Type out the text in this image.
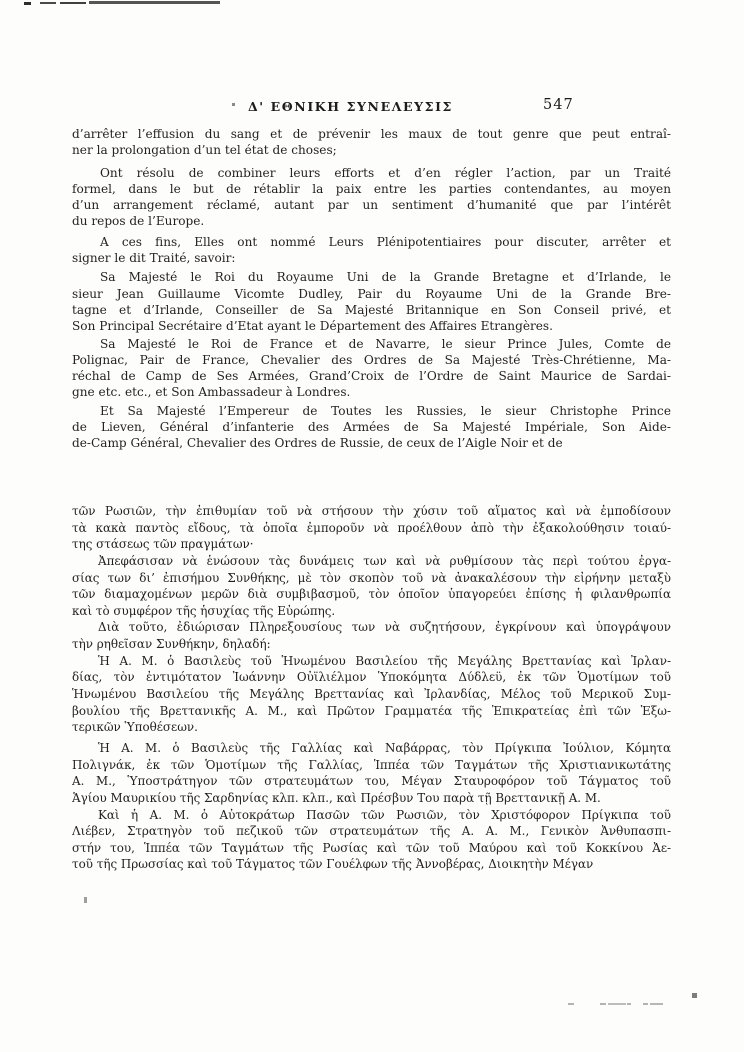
Δ' ΕΘΝΙΚΗ ΣΥΝΕΛΕΥΣΙΣ	547
d’arrêter l’effusion du sang et de prévenir les maux de tout genre que peut entraî-
ner la prolongation d’un tel état de choses;
Ont résolu de combiner leurs efforts et d’en régler l’action, par un Traité
formel, dans le but de rétablir la paix entre les parties contendantes, au moyen
d’un arrangement réclamé, autant par un sentiment d’humanité que par l’intérêt
du repos de l’Europe.
A ces fins, Elles ont nommé Leurs Plénipotentiaires pour discuter, arrêter et
signer le dit Traité, savoir:
Sa Majesté le Roi du Royaume Uni de la Grande Bretagne et d’Irlande, le
sieur Jean Guillaume Vicomte Dudley, Pair du Royaume Uni de la Grande Bre-
tagne et d’Irlande, Conseiller de Sa Majesté Britannique en Son Conseil privé, et
Son Principal Secrétaire d’Etat ayant le Département des Affaires Etrangères.
Sa Majesté le Roi de France et de Navarre, le sieur Prince Jules, Comte de
Polignac, Pair de France, Chevalier des Ordres de Sa Majesté Très-Chrétienne, Ma-
réchal de Camp de Ses Armées, Grand’Croix de l’Ordre de Saint Maurice de Sardai-
gne etc. etc., et Son Ambassadeur à Londres.
Et Sa Majesté l’Empereur de Toutes les Russies, le sieur Christophe Prince
de Lieven, Général d’infanterie des Armées de Sa Majesté Impériale, Son Aide-
de-Camp Général, Chevalier des Ordres de Russie, de ceux de l’Aigle Noir et de
τῶν Ρωσιῶν, τὴν ἐπιθυμίαν τοῦ νὰ στήσουν τὴν χύσιν τοῦ αἵματος καὶ νὰ ἐμποδίσουν
τὰ κακὰ παντὸς εἴδους, τὰ ὁποῖα ἐμποροῦν νὰ προέλθουν ἀπὸ τὴν ἐξακολούθησιν τοιαύ-
της στάσεως τῶν πραγμάτων·
Ἀπεφάσισαν νὰ ἑνώσουν τὰς δυνάμεις των καὶ νὰ ρυθμίσουν τὰς περὶ τούτου ἐργα-
σίας των δι’ ἐπισήμου Συνθήκης, μὲ τὸν σκοπὸν τοῦ νὰ ἀνακαλέσουν τὴν εἰρήνην μεταξὺ
τῶν διαμαχομένων μερῶν διὰ συμβιβασμοῦ, τὸν ὁποῖον ὑπαγορεύει ἐπίσης ἡ φιλανθρωπία
καὶ τὸ συμφέρον τῆς ἡσυχίας τῆς Εὐρώπης.
Διὰ τοῦτο, ἐδιώρισαν Πληρεξουσίους των νὰ συζητήσουν, ἐγκρίνουν καὶ ὑπογράψουν
τὴν ρηθεῖσαν Συνθήκην, δηλαδή:
Ἡ Α. Μ. ὁ Βασιλεὺς τοῦ Ἡνωμένου Βασιλείου τῆς Μεγάλης Βρεττανίας καὶ Ἰρλαν-
δίας, τὸν ἐντιμότατον Ἰωάννην Οὐϊλιέλμον Ὑποκόμητα Δύδλεϋ, ἐκ τῶν Ὁμοτίμων τοῦ
Ἡνωμένου Βασιλείου τῆς Μεγάλης Βρεττανίας καὶ Ἰρλανδίας, Μέλος τοῦ Μερικοῦ Συμ-
βουλίου τῆς Βρεττανικῆς Α. Μ., καὶ Πρῶτον Γραμματέα τῆς Ἐπικρατείας ἐπὶ τῶν Ἐξω-
τερικῶν Ὑποθέσεων.
Ἡ Α. Μ. ὁ Βασιλεὺς τῆς Γαλλίας καὶ Ναβάρρας, τὸν Πρίγκιπα Ἰούλιον, Κόμητα
Πολιγνάκ, ἐκ τῶν Ὁμοτίμων τῆς Γαλλίας, Ἱππέα τῶν Ταγμάτων τῆς Χριστιανικωτάτης
Α. Μ., Ὑποστράτηγον τῶν στρατευμάτων του, Μέγαν Σταυροφόρον τοῦ Τάγματος τοῦ
Ἁγίου Μαυρικίου τῆς Σαρδηνίας κλπ. κλπ., καὶ Πρέσβυν Του παρὰ τῇ Βρεττανικῇ Α. Μ.
Καὶ ἡ Α. Μ. ὁ Αὐτοκράτωρ Πασῶν τῶν Ρωσιῶν, τὸν Χριστόφορον Πρίγκιπα τοῦ
Λιέβεν, Στρατηγὸν τοῦ πεζικοῦ τῶν στρατευμάτων τῆς Α. Α. Μ., Γενικὸν Ἀνθυπασπι-
στήν του, Ἱππέα τῶν Ταγμάτων τῆς Ρωσίας καὶ τῶν τοῦ Μαύρου καὶ τοῦ Κοκκίνου Ἀε-
τοῦ τῆς Πρωσσίας καὶ τοῦ Τάγματος τῶν Γουέλφων τῆς Ἀννοβέρας, Διοικητὴν Μέγαν
